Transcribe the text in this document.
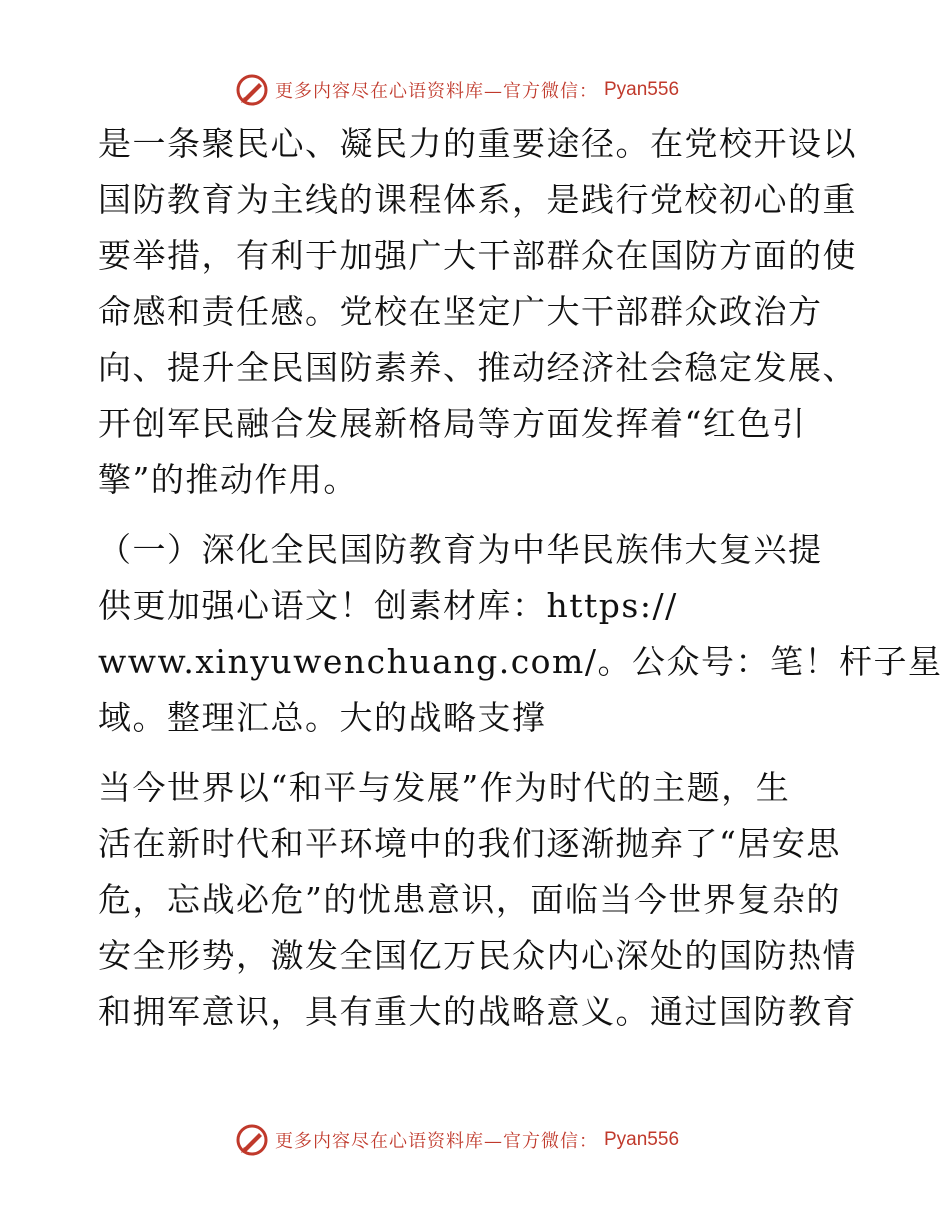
更多内容尽在心语资料库—官方微信： Pyan556

是一条聚民心、凝民力的重要途径。在党校开设以
国防教育为主线的课程体系，是践行党校初心的重
要举措，有利于加强广大干部群众在国防方面的使
命感和责任感。党校在坚定广大干部群众政治方
向、提升全民国防素养、推动经济社会稳定发展、
开创军民融合发展新格局等方面发挥着“红色引
擎”的推动作用。

（一）深化全民国防教育为中华民族伟大复兴提
供更加强心语文！创素材库：https://
www.xinyuwenchuang.com/。公众号：笔！杆子星
域。整理汇总。大的战略支撑

当今世界以“和平与发展”作为时代的主题，生
活在新时代和平环境中的我们逐渐抛弃了“居安思
危，忘战必危”的忧患意识，面临当今世界复杂的
安全形势，激发全国亿万民众内心深处的国防热情
和拥军意识，具有重大的战略意义。通过国防教育

更多内容尽在心语资料库—官方微信： Pyan556
